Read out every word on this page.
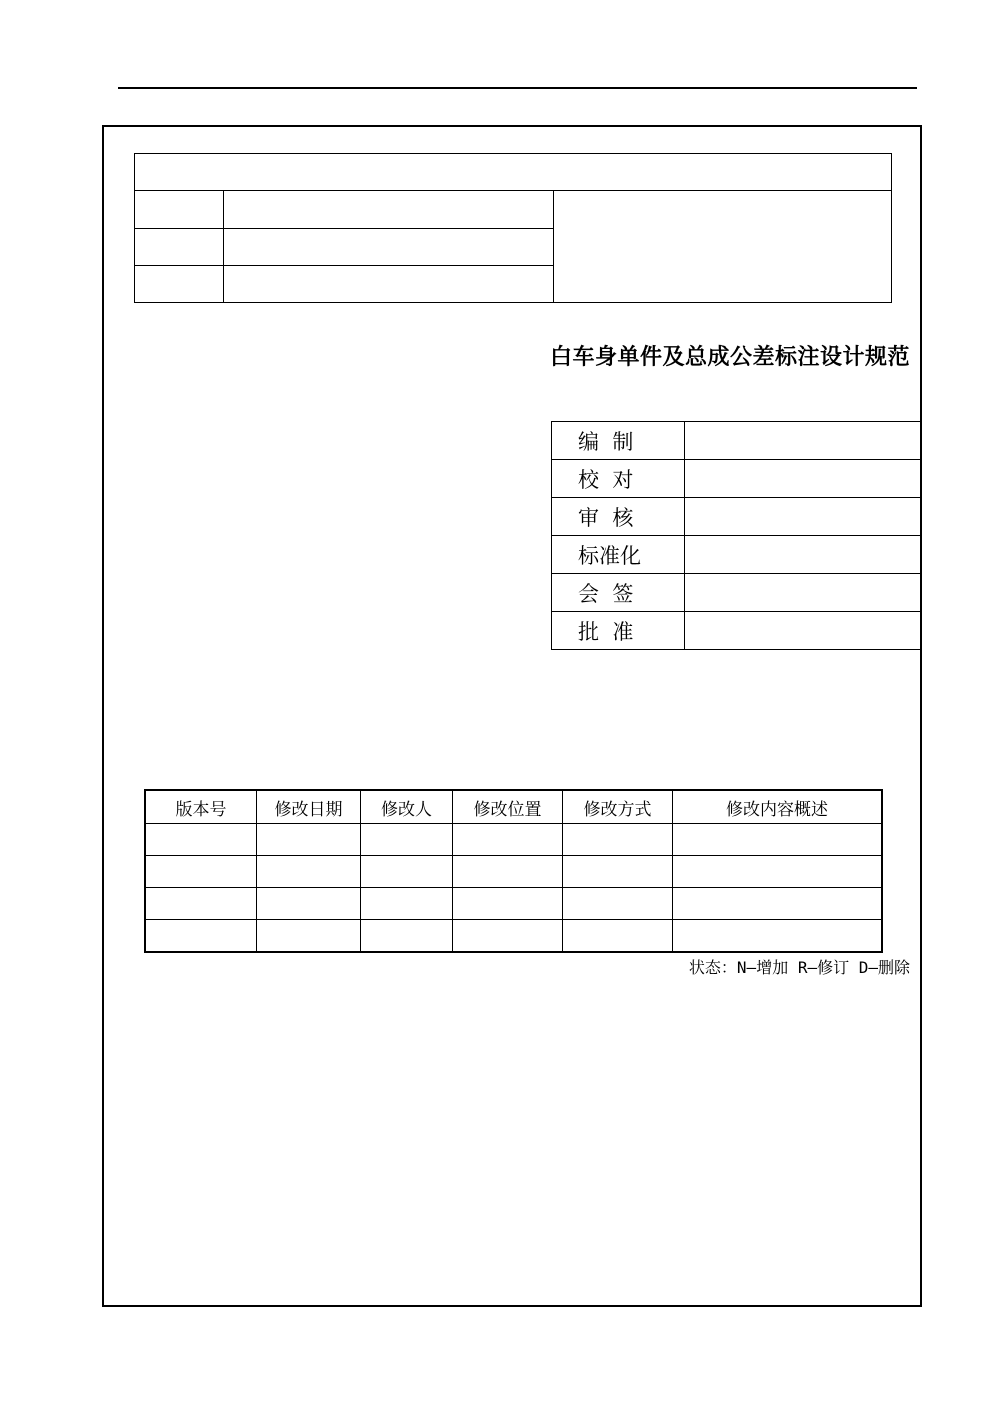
白车身单件及总成公差标注设计规范
编  制	
校  对	
审  核	
标准化	
会  签	
批  准	
版本号	修改日期	修改人	修改位置	修改方式	修改内容概述

状态：N—增加 R—修订 D—删除
